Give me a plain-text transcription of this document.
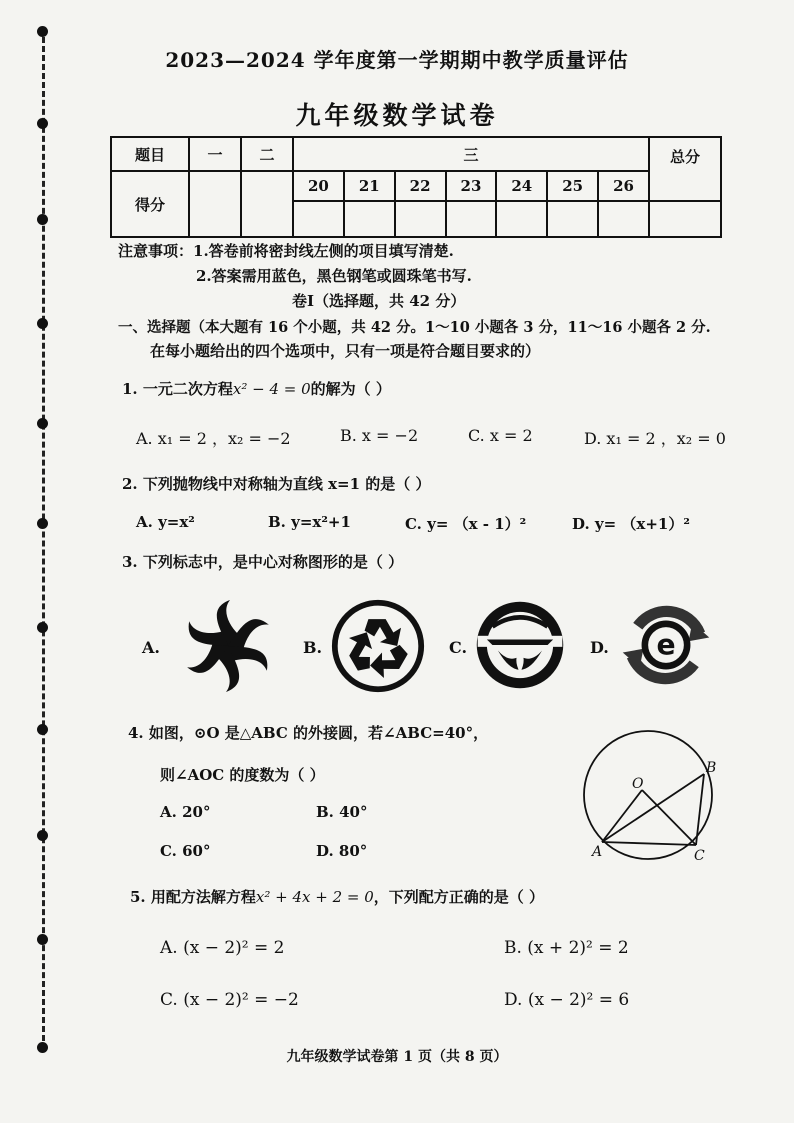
2023—2024 学年度第一学期期中教学质量评估
九年级数学试卷
题目	一	二	三							总分
得分			20	21	22	23	24	25	26	

注意事项：1.答卷前将密封线左侧的项目填写清楚.
2.答案需用蓝色，黑色钢笔或圆珠笔书写.
卷Ⅰ（选择题，共 42 分）
一、选择题（本大题有 16 个小题，共 42 分。1～10 小题各 3 分，11～16 小题各 2 分.
在每小题给出的四个选项中，只有一项是符合题目要求的）
1. 一元二次方程x² − 4 = 0的解为（ ）
A. x₁ = 2 ，x₂ = −2	B. x = −2	C. x = 2	D. x₁ = 2 ，x₂ = 0
2. 下列抛物线中对称轴为直线 x=1 的是（ ）
A. y=x²	B. y=x²+1	C. y= （x - 1）²	D. y= （x+1）²
3. 下列标志中，是中心对称图形的是（ ）
A.	B.	C.	D. e
4. 如图，⊙O 是△ABC 的外接圆，若∠ABC=40°，
则∠AOC 的度数为（ ）
A. 20°	B. 40°
C. 60°	D. 80°
O
B
A	C
5. 用配方法解方程x² + 4x + 2 = 0，下列配方正确的是（ ）
A. (x − 2)² = 2	B. (x + 2)² = 2
C. (x − 2)² = −2	D. (x − 2)² = 6
九年级数学试卷第 1 页（共 8 页）
